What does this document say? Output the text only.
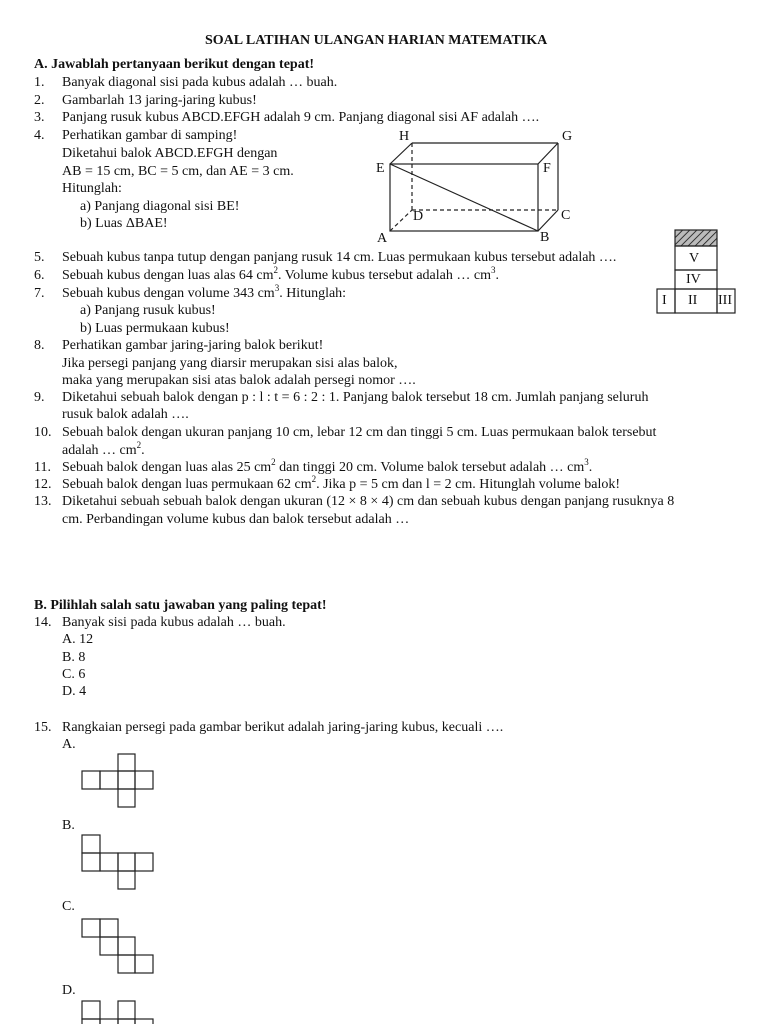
SOAL LATIHAN ULANGAN HARIAN MATEMATIKA
A. Jawablah pertanyaan berikut dengan tepat!
1. Banyak diagonal sisi pada kubus adalah … buah.
2. Gambarlah 13 jaring-jaring kubus!
3. Panjang rusuk kubus ABCD.EFGH adalah 9 cm. Panjang diagonal sisi AF adalah ….
4. Perhatikan gambar di samping!
Diketahui balok ABCD.EFGH dengan
AB = 15 cm, BC = 5 cm, dan AE = 3 cm.
Hitunglah:
a) Panjang diagonal sisi BE!
b) Luas ΔBAE!
H	G
E	F
D	C
A	B
V
IV
I II III
5. Sebuah kubus tanpa tutup dengan panjang rusuk 14 cm. Luas permukaan kubus tersebut adalah ….
6. Sebuah kubus dengan luas alas 64 $cm^2$. Volume kubus tersebut adalah … $cm^3$.
7. Sebuah kubus dengan volume 343 $cm^3$. Hitunglah:
a) Panjang rusuk kubus!
b) Luas permukaan kubus!
8. Perhatikan gambar jaring-jaring balok berikut!
Jika persegi panjang yang diarsir merupakan sisi alas balok,
maka yang merupakan sisi atas balok adalah persegi nomor ….
9. Diketahui sebuah balok dengan p : l : t = 6 : 2 : 1. Panjang balok tersebut 18 cm. Jumlah panjang seluruh
rusuk balok adalah ….
10. Sebuah balok dengan ukuran panjang 10 cm, lebar 12 cm dan tinggi 5 cm. Luas permukaan balok tersebut
adalah … $cm^2$.
11. Sebuah balok dengan luas alas 25 $cm^2$ dan tinggi 20 cm. Volume balok tersebut adalah … $cm^3$.
12. Sebuah balok dengan luas permukaan 62 $cm^2$. Jika p = 5 cm dan l = 2 cm. Hitunglah volume balok!
13. Diketahui sebuah sebuah balok dengan ukuran (12 × 8 × 4) cm dan sebuah kubus dengan panjang rusuknya 8
cm. Perbandingan volume kubus dan balok tersebut adalah …
B. Pilihlah salah satu jawaban yang paling tepat!
14. Banyak sisi pada kubus adalah … buah.
A. 12
B. 8
C. 6
D. 4
15. Rangkaian persegi pada gambar berikut adalah jaring-jaring kubus, kecuali ….
A.
B.
C.
D.
